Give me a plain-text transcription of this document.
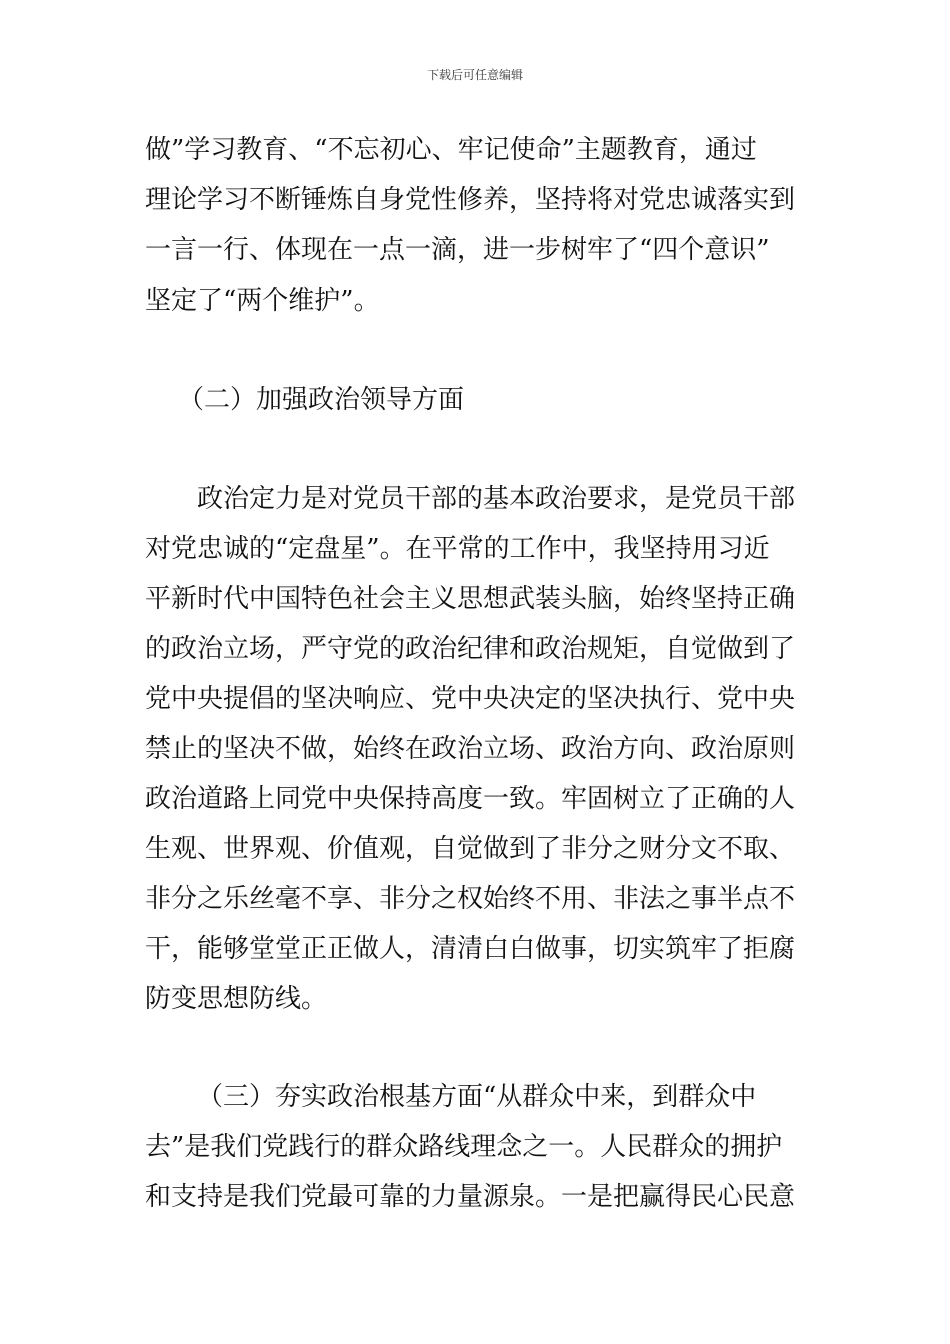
下载后可任意编辑
做”学习教育、“不忘初心、牢记使命”主题教育，通过
理论学习不断锤炼自身党性修养，坚持将对党忠诚落实到
一言一行、体现在一点一滴，进一步树牢了“四个意识”
坚定了“两个维护”。
（二）加强政治领导方面
政治定力是对党员干部的基本政治要求，是党员干部
对党忠诚的“定盘星”。在平常的工作中，我坚持用习近
平新时代中国特色社会主义思想武装头脑，始终坚持正确
的政治立场，严守党的政治纪律和政治规矩，自觉做到了
党中央提倡的坚决响应、党中央决定的坚决执行、党中央
禁止的坚决不做，始终在政治立场、政治方向、政治原则
政治道路上同党中央保持高度一致。牢固树立了正确的人
生观、世界观、价值观，自觉做到了非分之财分文不取、
非分之乐丝毫不享、非分之权始终不用、非法之事半点不
干，能够堂堂正正做人，清清白白做事，切实筑牢了拒腐
防变思想防线。
（三）夯实政治根基方面“从群众中来，到群众中
去”是我们党践行的群众路线理念之一。人民群众的拥护
和支持是我们党最可靠的力量源泉。一是把赢得民心民意
